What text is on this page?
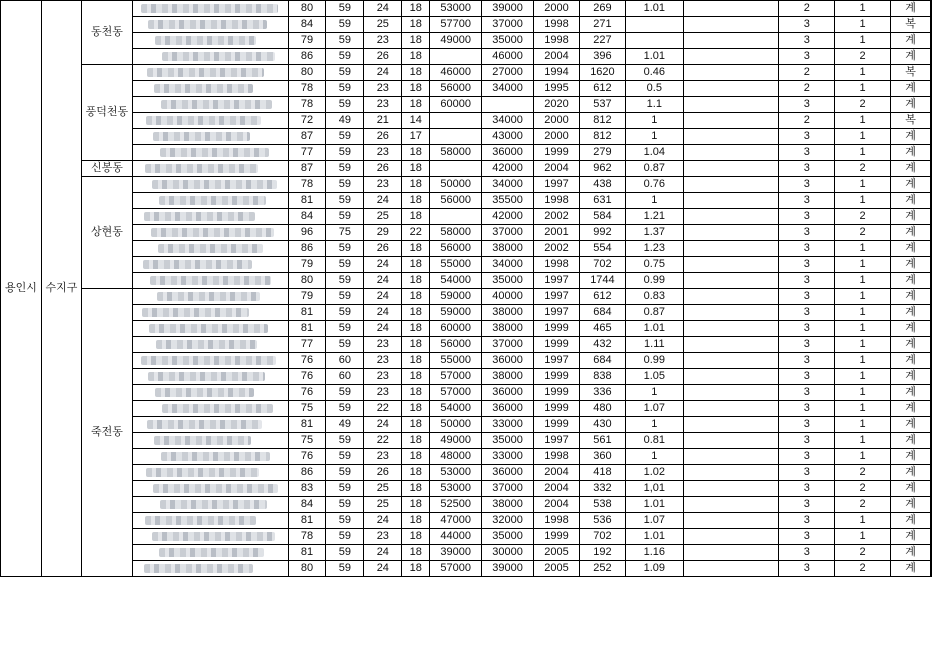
용인시	수지구	동천동		80	59	24	18	53000	39000	2000	269	1.01		2	1	계	

				84	59	25	18	57700	37000	1998	271			3	1	복	

				79	59	23	18	49000	35000	1998	227			3	1	계	

				86	59	26	18		46000	2004	396	1.01		3	2	계	
		풍덕천동		80	59	24	18	46000	27000	1994	1620	0.46		2	1	복	

				78	59	23	18	56000	34000	1995	612	0.5		2	1	계	

				78	59	23	18	60000		2020	537	1.1		3	2	계	

				72	49	21	14		34000	2000	812	1		2	1	복	

				87	59	26	17		43000	2000	812	1		3	1	계	

				77	59	23	18	58000	36000	1999	279	1.04		3	1	계	
		신봉동		87	59	26	18		42000	2004	962	0.87		3	2	계	
		상현동		78	59	23	18	50000	34000	1997	438	0.76		3	1	계	

				81	59	24	18	56000	35500	1998	631	1		3	1	계	

				84	59	25	18		42000	2002	584	1.21		3	2	계	

				96	75	29	22	58000	37000	2001	992	1.37		3	2	계	

				86	59	26	18	56000	38000	2002	554	1.23		3	1	계	

				79	59	24	18	55000	34000	1998	702	0.75		3	1	계	

				80	59	24	18	54000	35000	1997	1744	0.99		3	1	계	
		죽전동		79	59	24	18	59000	40000	1997	612	0.83		3	1	계	

				81	59	24	18	59000	38000	1997	684	0.87		3	1	계	

				81	59	24	18	60000	38000	1999	465	1.01		3	1	계	

				77	59	23	18	56000	37000	1999	432	1.11		3	1	계	

				76	60	23	18	55000	36000	1997	684	0.99		3	1	계	

				76	60	23	18	57000	38000	1999	838	1.05		3	1	계	

				76	59	23	18	57000	36000	1999	336	1		3	1	계	

				75	59	22	18	54000	36000	1999	480	1.07		3	1	계	

				81	49	24	18	50000	33000	1999	430	1		3	1	계	

				75	59	22	18	49000	35000	1997	561	0.81		3	1	계	

				76	59	23	18	48000	33000	1998	360	1		3	1	계	

				86	59	26	18	53000	36000	2004	418	1.02		3	2	계	

				83	59	25	18	53000	37000	2004	332	1,01		3	2	계	

				84	59	25	18	52500	38000	2004	538	1.01		3	2	계	

				81	59	24	18	47000	32000	1998	536	1.07		3	1	계	

				78	59	23	18	44000	35000	1999	702	1.01		3	1	계	

				81	59	24	18	39000	30000	2005	192	1.16		3	2	계	

				80	59	24	18	57000	39000	2005	252	1.09		3	2	계	
